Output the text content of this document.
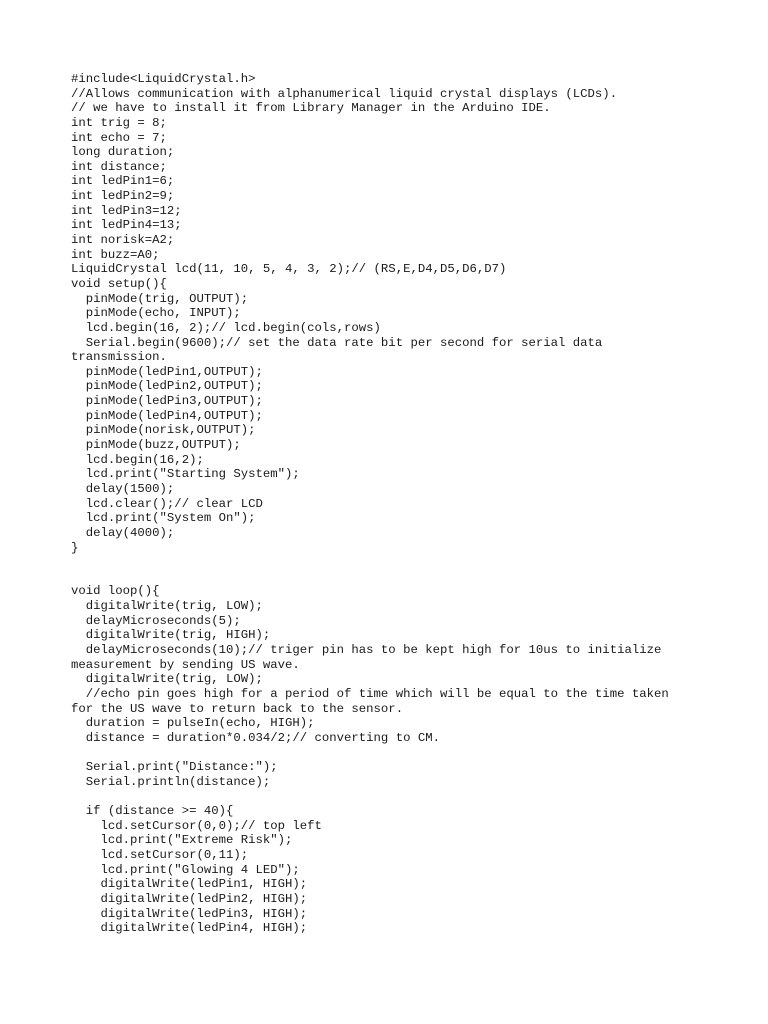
#include<LiquidCrystal.h>
//Allows communication with alphanumerical liquid crystal displays (LCDs).
// we have to install it from Library Manager in the Arduino IDE.
int trig = 8;
int echo = 7;
long duration;
int distance;
int ledPin1=6;
int ledPin2=9;
int ledPin3=12;
int ledPin4=13;
int norisk=A2;
int buzz=A0;
LiquidCrystal lcd(11, 10, 5, 4, 3, 2);// (RS,E,D4,D5,D6,D7)
void setup(){
pinMode(trig, OUTPUT);
pinMode(echo, INPUT);
lcd.begin(16, 2);// lcd.begin(cols,rows)
Serial.begin(9600);// set the data rate bit per second for serial data
transmission.
pinMode(ledPin1,OUTPUT);
pinMode(ledPin2,OUTPUT);
pinMode(ledPin3,OUTPUT);
pinMode(ledPin4,OUTPUT);
pinMode(norisk,OUTPUT);
pinMode(buzz,OUTPUT);
lcd.begin(16,2);
lcd.print("Starting System");
delay(1500);
lcd.clear();// clear LCD
lcd.print("System On");
delay(4000);
}
void loop(){
digitalWrite(trig, LOW);
delayMicroseconds(5);
digitalWrite(trig, HIGH);
delayMicroseconds(10);// triger pin has to be kept high for 10us to initialize
measurement by sending US wave.
digitalWrite(trig, LOW);
//echo pin goes high for a period of time which will be equal to the time taken
for the US wave to return back to the sensor.
duration = pulseIn(echo, HIGH);
distance = duration*0.034/2;// converting to CM.
Serial.print("Distance:");
Serial.println(distance);
if (distance >= 40){
lcd.setCursor(0,0);// top left
lcd.print("Extreme Risk");
lcd.setCursor(0,11);
lcd.print("Glowing 4 LED");
digitalWrite(ledPin1, HIGH);
digitalWrite(ledPin2, HIGH);
digitalWrite(ledPin3, HIGH);
digitalWrite(ledPin4, HIGH);
